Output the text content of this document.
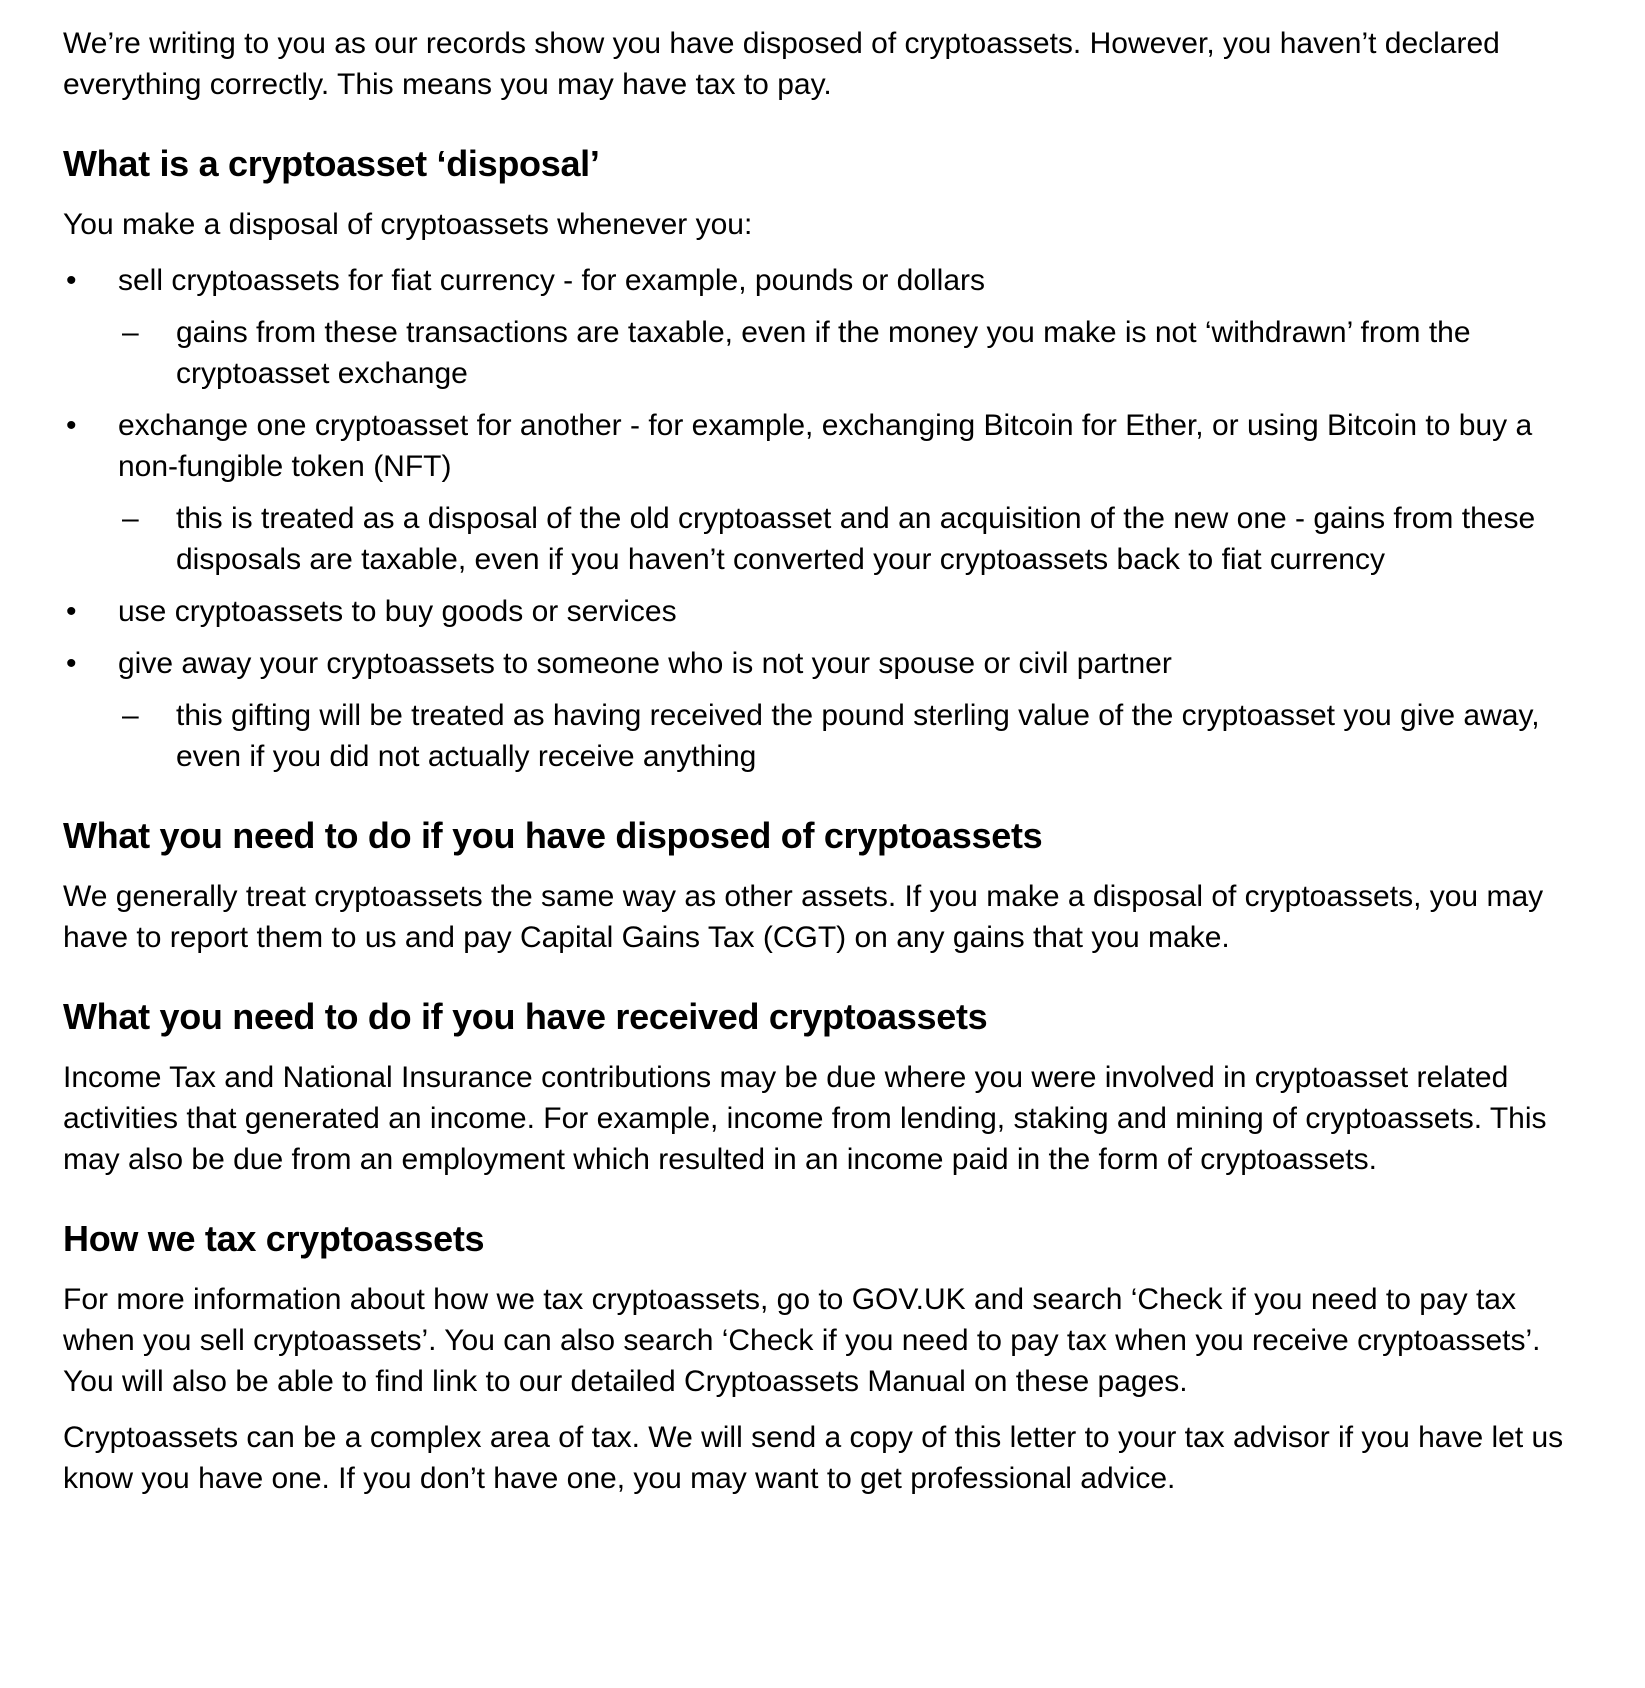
We’re writing to you as our records show you have disposed of cryptoassets. However, you haven’t declared everything correctly. This means you may have tax to pay.

What is a cryptoasset ‘disposal’

You make a disposal of cryptoassets whenever you:

• sell cryptoassets for fiat currency - for example, pounds or dollars
– gains from these transactions are taxable, even if the money you make is not ‘withdrawn’ from the cryptoasset exchange
• exchange one cryptoasset for another - for example, exchanging Bitcoin for Ether, or using Bitcoin to buy a non-fungible token (NFT)
– this is treated as a disposal of the old cryptoasset and an acquisition of the new one - gains from these disposals are taxable, even if you haven’t converted your cryptoassets back to fiat currency
• use cryptoassets to buy goods or services
• give away your cryptoassets to someone who is not your spouse or civil partner
– this gifting will be treated as having received the pound sterling value of the cryptoasset you give away, even if you did not actually receive anything
What you need to do if you have disposed of cryptoassets

We generally treat cryptoassets the same way as other assets. If you make a disposal of cryptoassets, you may have to report them to us and pay Capital Gains Tax (CGT) on any gains that you make.

What you need to do if you have received cryptoassets

Income Tax and National Insurance contributions may be due where you were involved in cryptoasset related activities that generated an income. For example, income from lending, staking and mining of cryptoassets. This may also be due from an employment which resulted in an income paid in the form of cryptoassets.

How we tax cryptoassets

For more information about how we tax cryptoassets, go to GOV.UK and search ‘Check if you need to pay tax when you sell cryptoassets’. You can also search ‘Check if you need to pay tax when you receive cryptoassets’. You will also be able to find link to our detailed Cryptoassets Manual on these pages.

Cryptoassets can be a complex area of tax. We will send a copy of this letter to your tax advisor if you have let us know you have one. If you don’t have one, you may want to get professional advice.
